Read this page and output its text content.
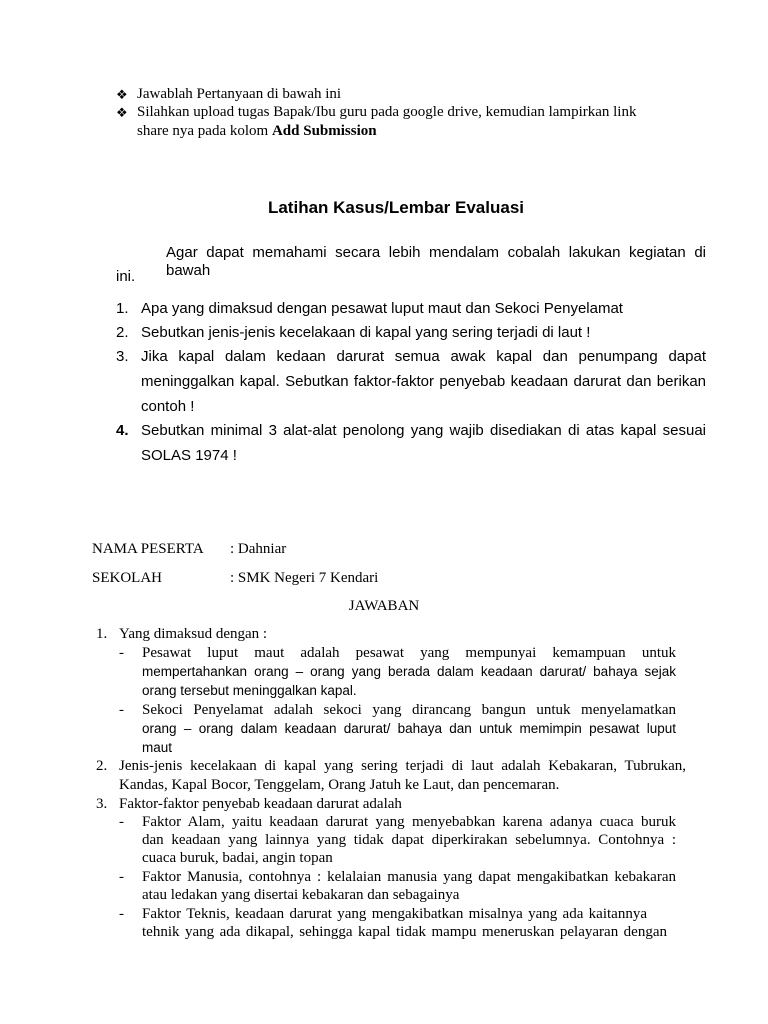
❖ Jawablah Pertanyaan di bawah ini
❖ Silahkan upload tugas Bapak/Ibu guru pada google drive, kemudian lampirkan link
share nya pada kolom Add Submission
Latihan Kasus/Lembar Evaluasi
Agar dapat memahami secara lebih mendalam cobalah lakukan kegiatan di bawah
ini.
1. Apa yang dimaksud dengan pesawat luput maut dan Sekoci Penyelamat
2. Sebutkan jenis-jenis kecelakaan di kapal yang sering terjadi di laut !
3. Jika kapal dalam kedaan darurat semua awak kapal dan penumpang dapat
meninggalkan kapal. Sebutkan faktor-faktor penyebab keadaan darurat dan berikan
contoh !
4. Sebutkan minimal 3 alat-alat penolong yang wajib disediakan di atas kapal sesuai
SOLAS 1974 !
NAMA PESERTA : Dahniar
SEKOLAH	: SMK Negeri 7 Kendari
JAWABAN
1. Yang dimaksud dengan :
- Pesawat luput maut adalah pesawat yang mempunyai kemampuan untuk
mempertahankan orang – orang yang berada dalam keadaan darurat/ bahaya sejak
orang tersebut meninggalkan kapal.
- Sekoci Penyelamat adalah sekoci yang dirancang bangun untuk menyelamatkan
orang – orang dalam keadaan darurat/ bahaya dan untuk memimpin pesawat luput
maut
2. Jenis-jenis kecelakaan di kapal yang sering terjadi di laut adalah Kebakaran, Tubrukan,
Kandas, Kapal Bocor, Tenggelam, Orang Jatuh ke Laut, dan pencemaran.
3. Faktor-faktor penyebab keadaan darurat adalah
- Faktor Alam, yaitu keadaan darurat yang menyebabkan karena adanya cuaca buruk
dan keadaan yang lainnya yang tidak dapat diperkirakan sebelumnya. Contohnya :
cuaca buruk, badai, angin topan
- Faktor Manusia, contohnya : kelalaian manusia yang dapat mengakibatkan kebakaran
atau ledakan yang disertai kebakaran dan sebagainya
- Faktor Teknis, keadaan darurat yang mengakibatkan misalnya yang ada kaitannya
tehnik yang ada dikapal, sehingga kapal tidak mampu meneruskan pelayaran dengan
